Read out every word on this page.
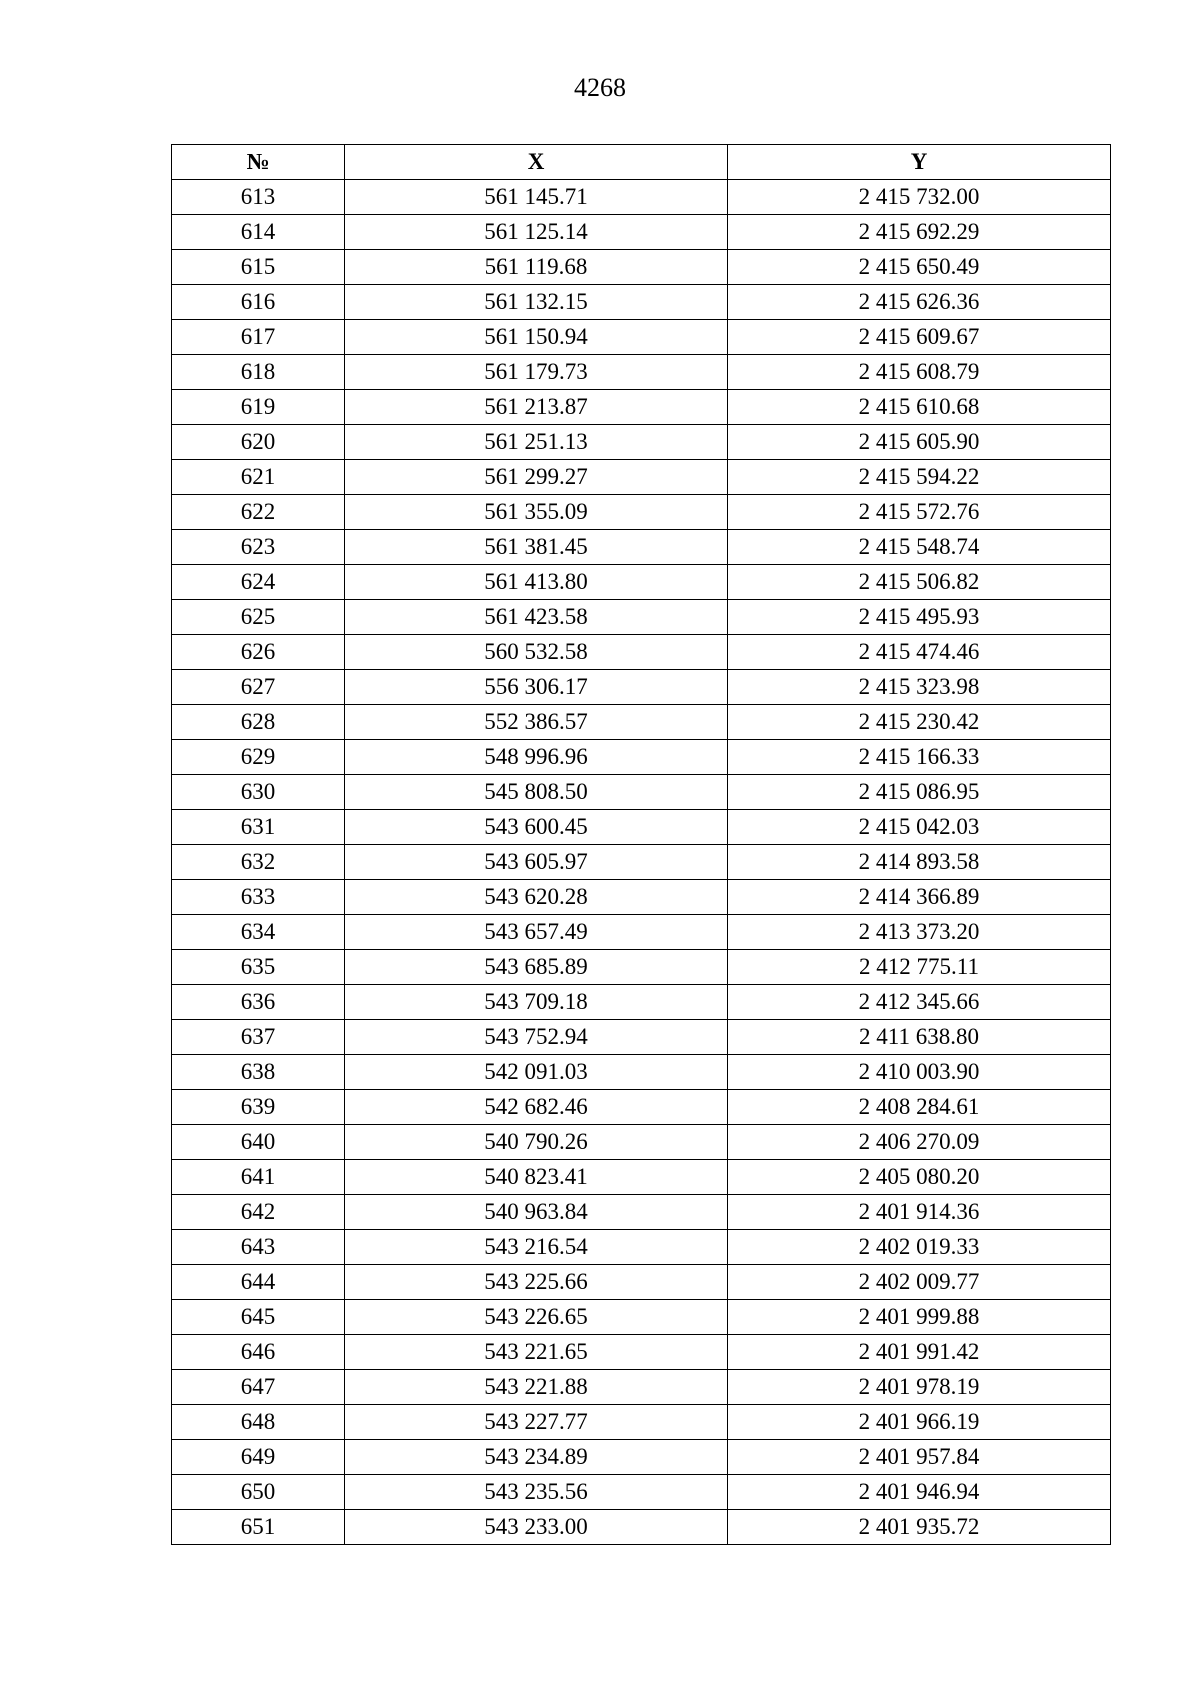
4268
№	X	Y
613	561 145.71	2 415 732.00
614	561 125.14	2 415 692.29
615	561 119.68	2 415 650.49
616	561 132.15	2 415 626.36
617	561 150.94	2 415 609.67
618	561 179.73	2 415 608.79
619	561 213.87	2 415 610.68
620	561 251.13	2 415 605.90
621	561 299.27	2 415 594.22
622	561 355.09	2 415 572.76
623	561 381.45	2 415 548.74
624	561 413.80	2 415 506.82
625	561 423.58	2 415 495.93
626	560 532.58	2 415 474.46
627	556 306.17	2 415 323.98
628	552 386.57	2 415 230.42
629	548 996.96	2 415 166.33
630	545 808.50	2 415 086.95
631	543 600.45	2 415 042.03
632	543 605.97	2 414 893.58
633	543 620.28	2 414 366.89
634	543 657.49	2 413 373.20
635	543 685.89	2 412 775.11
636	543 709.18	2 412 345.66
637	543 752.94	2 411 638.80
638	542 091.03	2 410 003.90
639	542 682.46	2 408 284.61
640	540 790.26	2 406 270.09
641	540 823.41	2 405 080.20
642	540 963.84	2 401 914.36
643	543 216.54	2 402 019.33
644	543 225.66	2 402 009.77
645	543 226.65	2 401 999.88
646	543 221.65	2 401 991.42
647	543 221.88	2 401 978.19
648	543 227.77	2 401 966.19
649	543 234.89	2 401 957.84
650	543 235.56	2 401 946.94
651	543 233.00	2 401 935.72
